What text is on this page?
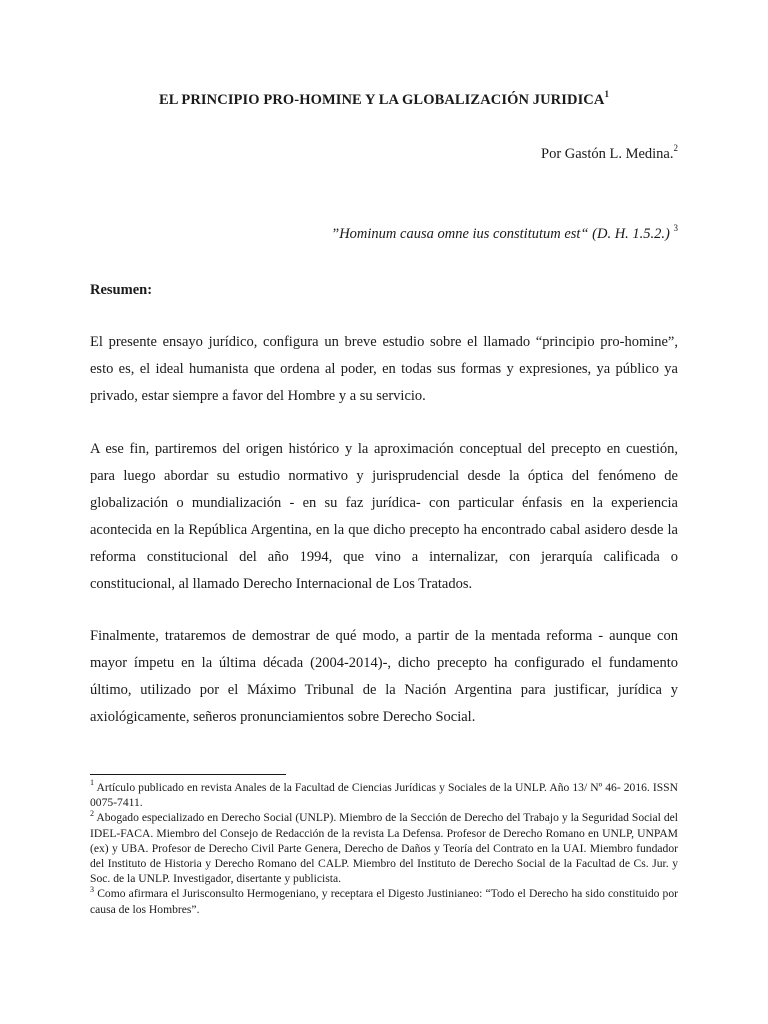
EL PRINCIPIO PRO-HOMINE Y LA GLOBALIZACIÓN JURIDICA$^1$
Por Gastón L. Medina.$^2$
”Hominum causa omne ius constitutum est“ (D. H. 1.5.2.) $^3$
Resumen:

El presente ensayo jurídico, configura un breve estudio sobre el llamado “principio pro-homine”, esto es, el ideal humanista que ordena al poder, en todas sus formas y expresiones, ya público ya privado, estar siempre a favor del Hombre y a su servicio.

A ese fin, partiremos del origen histórico y la aproximación conceptual del precepto en cuestión, para luego abordar su estudio normativo y jurisprudencial desde la óptica del fenómeno de globalización o mundialización - en su faz jurídica- con particular énfasis en la experiencia acontecida en la República Argentina, en la que dicho precepto ha encontrado cabal asidero desde la reforma constitucional del año 1994, que vino a internalizar, con jerarquía calificada o constitucional, al llamado Derecho Internacional de Los Tratados.

Finalmente, trataremos de demostrar de qué modo, a partir de la mentada reforma - aunque con mayor ímpetu en la última década (2004-2014)-, dicho precepto ha configurado el fundamento último, utilizado por el Máximo Tribunal de la Nación Argentina para justificar, jurídica y axiológicamente, señeros pronunciamientos sobre Derecho Social.

$^1$ Artículo publicado en revista Anales de la Facultad de Ciencias Jurídicas y Sociales de la UNLP. Año 13/ Nº 46- 2016. ISSN 0075-7411.

$^2$ Abogado especializado en Derecho Social (UNLP). Miembro de la Sección de Derecho del Trabajo y la Seguridad Social del IDEL-FACA. Miembro del Consejo de Redacción de la revista La Defensa. Profesor de Derecho Romano en UNLP, UNPAM (ex) y UBA. Profesor de Derecho Civil Parte Genera, Derecho de Daños y Teoría del Contrato en la UAI. Miembro fundador del Instituto de Historia y Derecho Romano del CALP. Miembro del Instituto de Derecho Social de la Facultad de Cs. Jur. y Soc. de la UNLP. Investigador, disertante y publicista.

$^3$ Como afirmara el Jurisconsulto Hermogeniano, y receptara el Digesto Justinianeo: “Todo el Derecho ha sido constituido por causa de los Hombres”.
